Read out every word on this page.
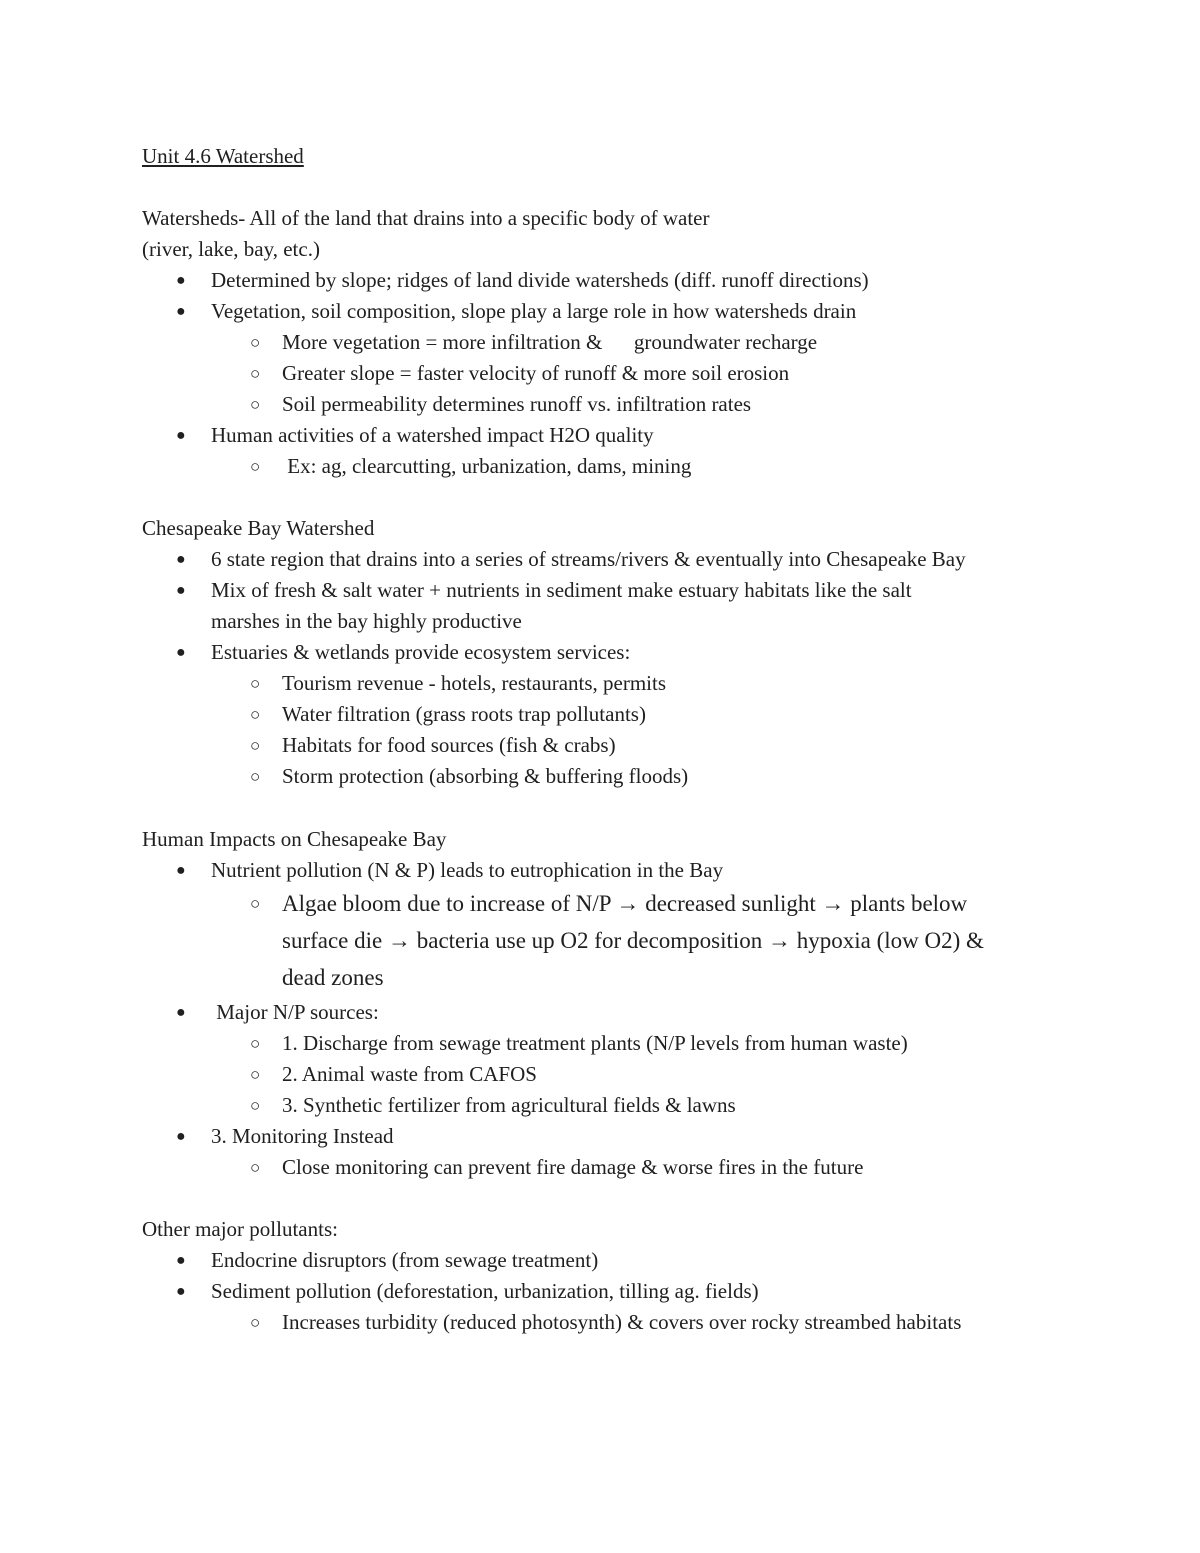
Unit 4.6 Watershed
Watersheds- All of the land that drains into a specific body of water
(river, lake, bay, etc.)
● Determined by slope; ridges of land divide watersheds (diff. runoff directions)
● Vegetation, soil composition, slope play a large role in how watersheds drain
○ More vegetation = more infiltration &      groundwater recharge
○ Greater slope = faster velocity of runoff & more soil erosion
○ Soil permeability determines runoff vs. infiltration rates
● Human activities of a watershed impact H2O quality
○ Ex: ag, clearcutting, urbanization, dams, mining
Chesapeake Bay Watershed
● 6 state region that drains into a series of streams/rivers & eventually into Chesapeake Bay
● Mix of fresh & salt water + nutrients in sediment make estuary habitats like the salt
marshes in the bay highly productive
● Estuaries & wetlands provide ecosystem services:
○ Tourism revenue - hotels, restaurants, permits
○ Water filtration (grass roots trap pollutants)
○ Habitats for food sources (fish & crabs)
○ Storm protection (absorbing & buffering floods)
Human Impacts on Chesapeake Bay
● Nutrient pollution (N & P) leads to eutrophication in the Bay
○ Algae bloom due to increase of N/P → decreased sunlight → plants below
surface die → bacteria use up O2 for decomposition → hypoxia (low O2) &
dead zones
● Major N/P sources:
○ 1. Discharge from sewage treatment plants (N/P levels from human waste)
○ 2. Animal waste from CAFOS
○ 3. Synthetic fertilizer from agricultural fields & lawns
● 3. Monitoring Instead
○ Close monitoring can prevent fire damage & worse fires in the future
Other major pollutants:
● Endocrine disruptors (from sewage treatment)
● Sediment pollution (deforestation, urbanization, tilling ag. fields)
○ Increases turbidity (reduced photosynth) & covers over rocky streambed habitats
